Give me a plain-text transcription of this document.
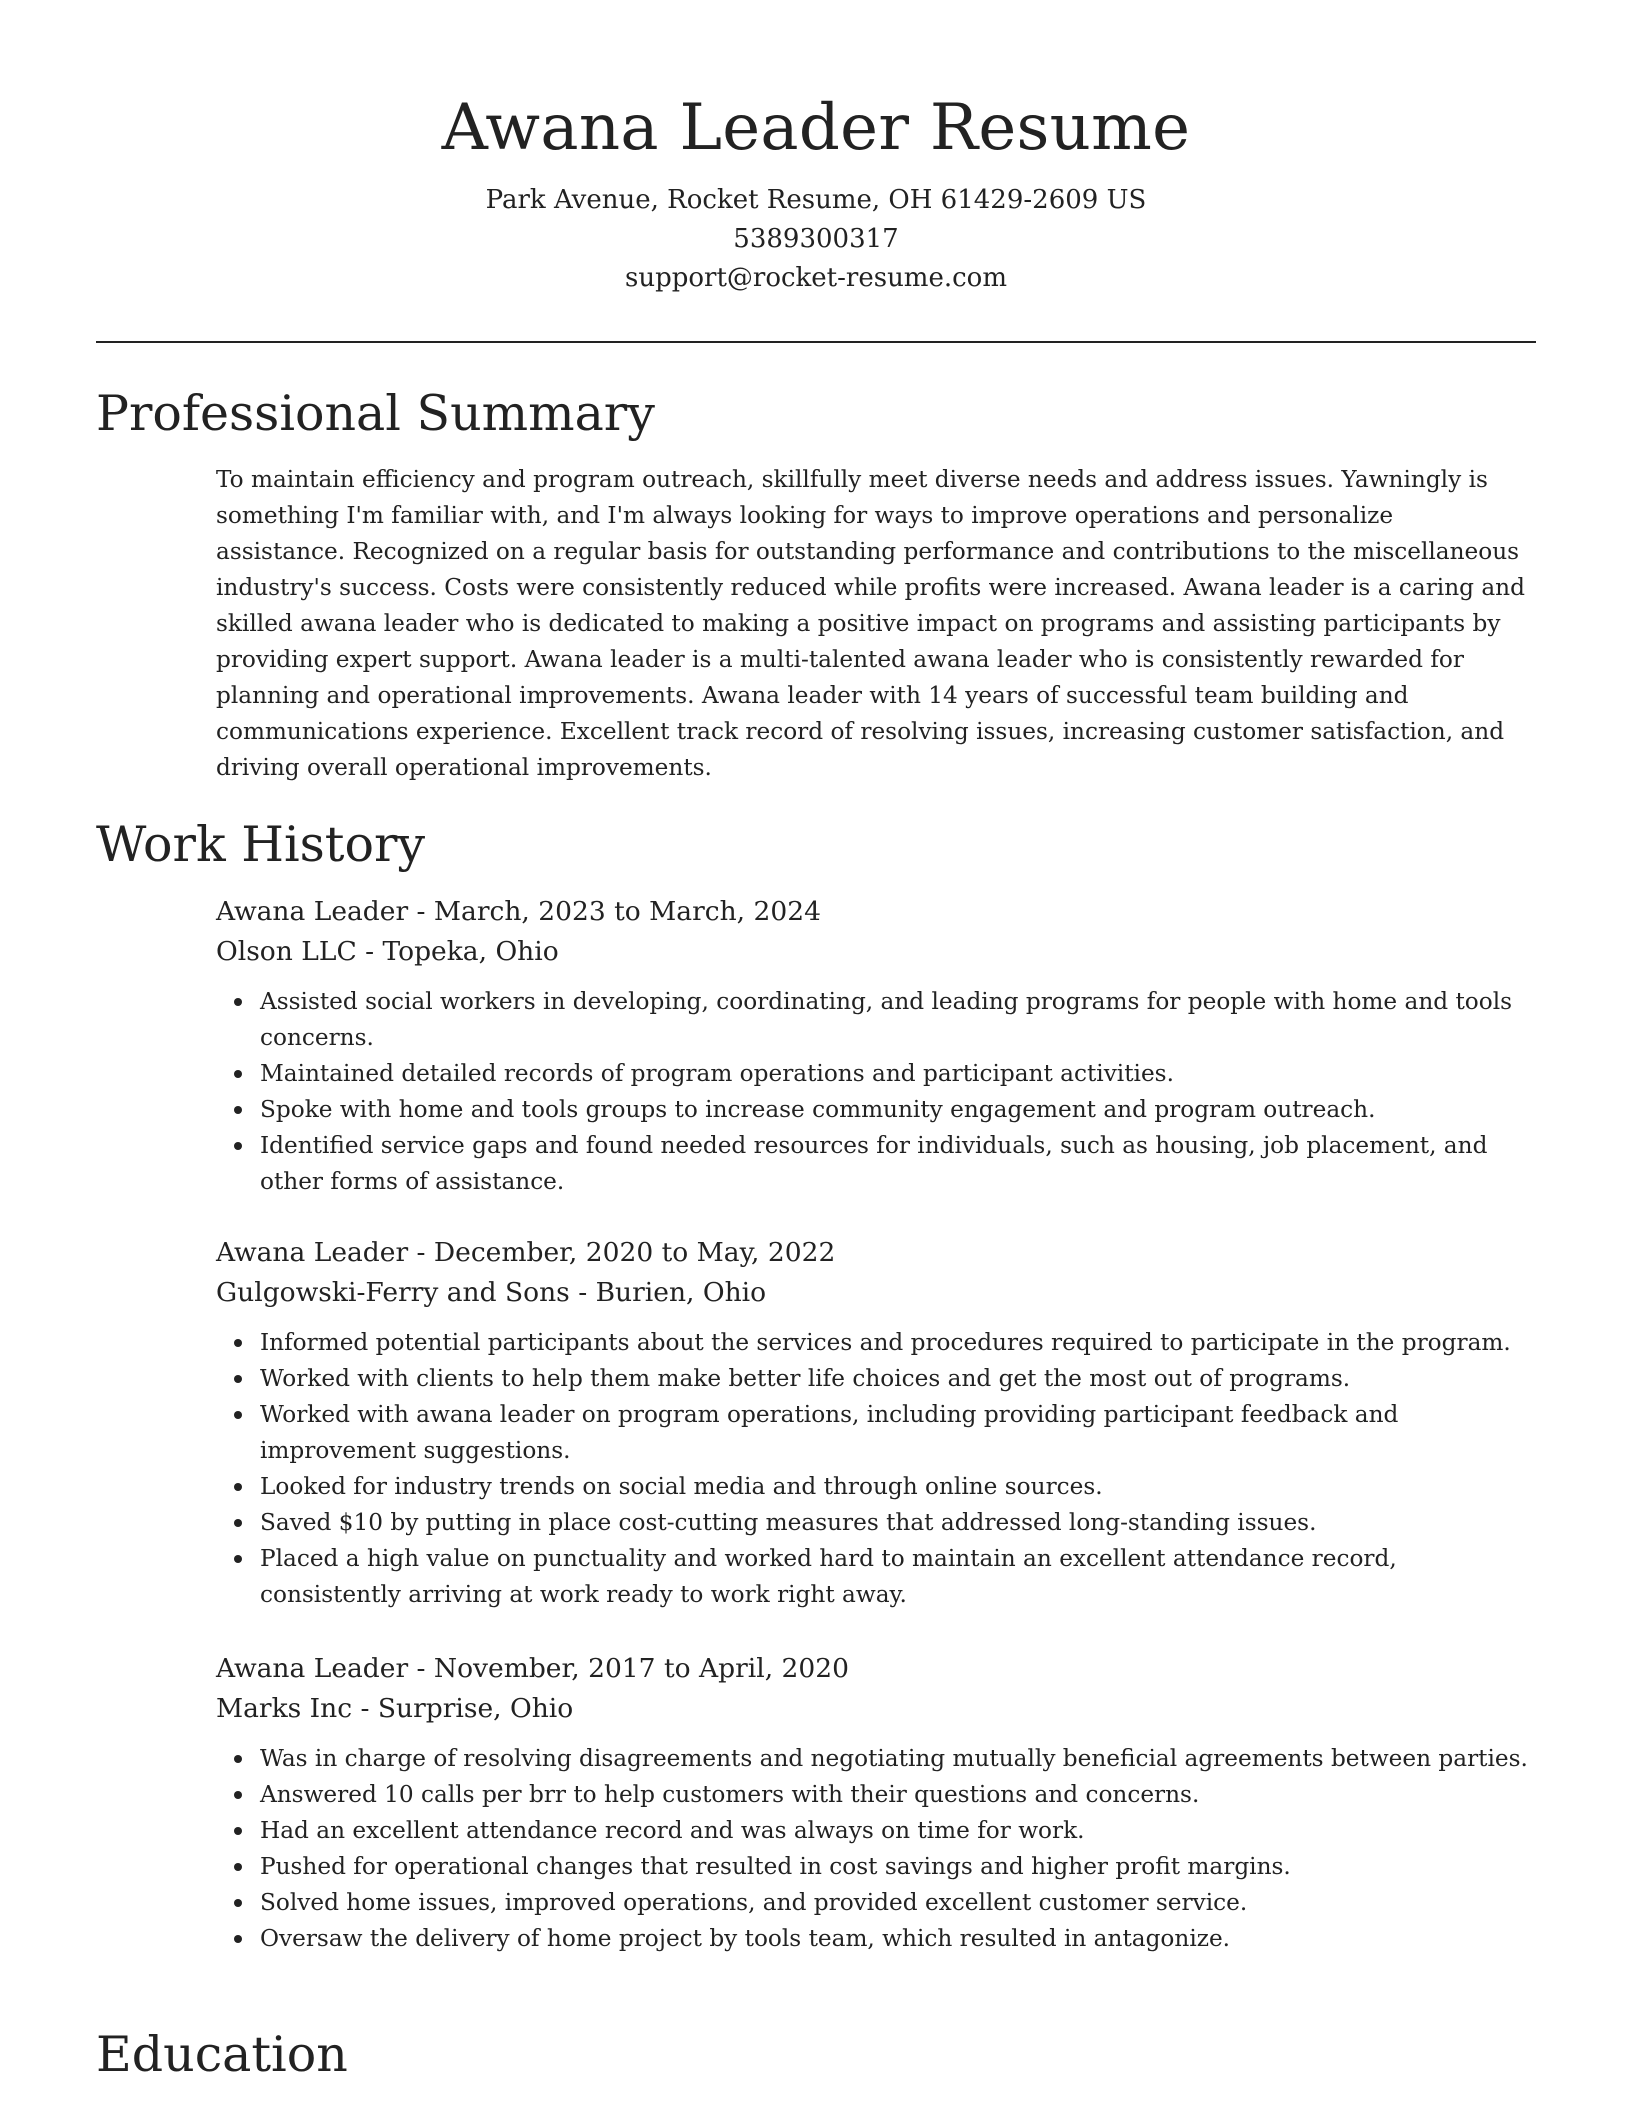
Awana Leader Resume
Park Avenue, Rocket Resume, OH 61429-2609 US
5389300317
support@rocket-resume.com
Professional Summary

To maintain efficiency and program outreach, skillfully meet diverse needs and address issues. Yawningly is something I'm familiar with, and I'm always looking for ways to improve operations and personalize assistance. Recognized on a regular basis for outstanding performance and contributions to the miscellaneous industry's success. Costs were consistently reduced while profits were increased. Awana leader is a caring and skilled awana leader who is dedicated to making a positive impact on programs and assisting participants by providing expert support. Awana leader is a multi-talented awana leader who is consistently rewarded for planning and operational improvements. Awana leader with 14 years of successful team building and communications experience. Excellent track record of resolving issues, increasing customer satisfaction, and driving overall operational improvements.

Work History
Awana Leader - March, 2023 to March, 2024
Olson LLC - Topeka, Ohio
Assisted social workers in developing, coordinating, and leading programs for people with home and tools concerns.
Maintained detailed records of program operations and participant activities.
Spoke with home and tools groups to increase community engagement and program outreach.
Identified service gaps and found needed resources for individuals, such as housing, job placement, and other forms of assistance.
Awana Leader - December, 2020 to May, 2022
Gulgowski-Ferry and Sons - Burien, Ohio
Informed potential participants about the services and procedures required to participate in the program.
Worked with clients to help them make better life choices and get the most out of programs.
Worked with awana leader on program operations, including providing participant feedback and improvement suggestions.
Looked for industry trends on social media and through online sources.
Saved $10 by putting in place cost-cutting measures that addressed long-standing issues.
Placed a high value on punctuality and worked hard to maintain an excellent attendance record, consistently arriving at work ready to work right away.
Awana Leader - November, 2017 to April, 2020
Marks Inc - Surprise, Ohio
Was in charge of resolving disagreements and negotiating mutually beneficial agreements between parties.
Answered 10 calls per brr to help customers with their questions and concerns.
Had an excellent attendance record and was always on time for work.
Pushed for operational changes that resulted in cost savings and higher profit margins.
Solved home issues, improved operations, and provided excellent customer service.
Oversaw the delivery of home project by tools team, which resulted in antagonize.
Education
